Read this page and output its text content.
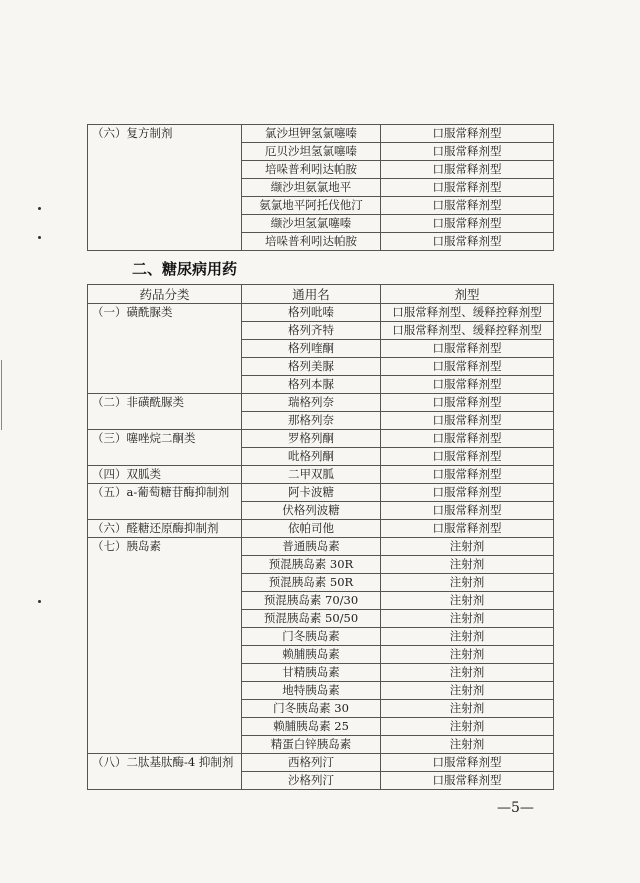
（六）复方制剂	氯沙坦钾氢氯噻嗪	口服常释剂型
	厄贝沙坦氢氯噻嗪	口服常释剂型
	培哚普利吲达帕胺	口服常释剂型
	缬沙坦氨氯地平	口服常释剂型
	氨氯地平阿托伐他汀	口服常释剂型
	缬沙坦氢氯噻嗪	口服常释剂型
	培哚普利吲达帕胺	口服常释剂型
二、糖尿病用药
药品分类	通用名	剂型
（一）磺酰脲类	格列吡嗪	口服常释剂型、缓释控释剂型
	格列齐特	口服常释剂型、缓释控释剂型
	格列喹酮	口服常释剂型
	格列美脲	口服常释剂型
	格列本脲	口服常释剂型
（二）非磺酰脲类	瑞格列奈	口服常释剂型
	那格列奈	口服常释剂型
（三）噻唑烷二酮类	罗格列酮	口服常释剂型
	吡格列酮	口服常释剂型
（四）双胍类	二甲双胍	口服常释剂型
（五）a-葡萄糖苷酶抑制剂	阿卡波糖	口服常释剂型
	伏格列波糖	口服常释剂型
（六）醛糖还原酶抑制剂	依帕司他	口服常释剂型
（七）胰岛素	普通胰岛素	注射剂
	预混胰岛素 30R	注射剂
	预混胰岛素 50R	注射剂
	预混胰岛素 70/30	注射剂
	预混胰岛素 50/50	注射剂
	门冬胰岛素	注射剂
	赖脯胰岛素	注射剂
	甘精胰岛素	注射剂
	地特胰岛素	注射剂
	门冬胰岛素 30	注射剂
	赖脯胰岛素 25	注射剂
	精蛋白锌胰岛素	注射剂
（八）二肽基肽酶-4 抑制剂	西格列汀	口服常释剂型
	沙格列汀	口服常释剂型
—5—
